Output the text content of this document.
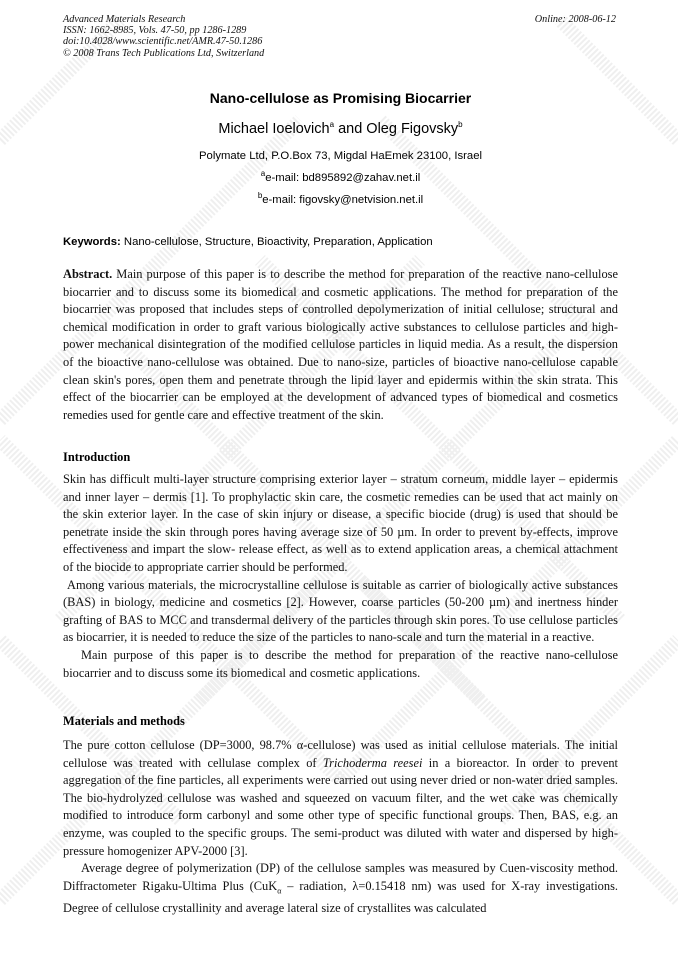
Advanced Materials Research
ISSN: 1662-8985, Vols. 47-50, pp 1286-1289
doi:10.4028/www.scientific.net/AMR.47-50.1286
© 2008 Trans Tech Publications Ltd, Switzerland
Online: 2008-06-12
Nano-cellulose as Promising Biocarrier
Michael Ioelovich$^a$ and Oleg Figovsky$^b$
Polymate Ltd, P.O.Box 73, Migdal HaEmek 23100, Israel
$^a$e-mail: bd895892@zahav.net.il
$^b$e-mail: figovsky@netvision.net.il
Keywords: Nano-cellulose, Structure, Bioactivity, Preparation, Application

Abstract. Main purpose of this paper is to describe the method for preparation of the reactive nano-cellulose biocarrier and to discuss some its biomedical and cosmetic applications. The method for preparation of the biocarrier was proposed that includes steps of controlled depolymerization of initial cellulose; structural and chemical modification in order to graft various biologically active substances to cellulose particles and high-power mechanical disintegration of the modified cellulose particles in liquid media. As a result, the dispersion of the bioactive nano-cellulose was obtained. Due to nano-size, particles of bioactive nano-cellulose capable clean skin's pores, open them and penetrate through the lipid layer and epidermis within the skin strata. This effect of the biocarrier can be employed at the development of advanced types of biomedical and cosmetics remedies used for gentle care and effective treatment of the skin.

Introduction

Skin has difficult multi-layer structure comprising exterior layer – stratum corneum, middle layer – epidermis and inner layer – dermis [1]. To prophylactic skin care, the cosmetic remedies can be used that act mainly on the skin exterior layer. In the case of skin injury or disease, a specific biocide (drug) is used that should be penetrate inside the skin through pores having average size of 50 µm. In order to prevent by-effects, improve effectiveness and impart the slow- release effect, as well as to extend application areas, a chemical attachment of the biocide to appropriate carrier should be performed.

Among various materials, the microcrystalline cellulose is suitable as carrier of biologically active substances (BAS) in biology, medicine and cosmetics [2]. However, coarse particles (50-200 µm) and inertness hinder grafting of BAS to MCC and transdermal delivery of the particles through skin pores. To use cellulose particles as biocarrier, it is needed to reduce the size of the particles to nano-scale and turn the material in a reactive.

Main purpose of this paper is to describe the method for preparation of the reactive nano-cellulose biocarrier and to discuss some its biomedical and cosmetic applications.

Materials and methods

The pure cotton cellulose (DP=3000, 98.7% α-cellulose) was used as initial cellulose materials. The initial cellulose was treated with cellulase complex of Trichoderma reesei in a bioreactor. In order to prevent aggregation of the fine particles, all experiments were carried out using never dried or non-water dried samples. The bio-hydrolyzed cellulose was washed and squeezed on vacuum filter, and the wet cake was chemically modified to introduce form carbonyl and some other type of specific functional groups. Then, BAS, e.g. an enzyme, was coupled to the specific groups. The semi-product was diluted with water and dispersed by high-pressure homogenizer APV-2000 [3].

Average degree of polymerization (DP) of the cellulose samples was measured by Cuen-viscosity method. Diffractometer Rigaku-Ultima Plus (CuK$_\alpha$ – radiation, λ=0.15418 nm) was used for X-ray investigations. Degree of cellulose crystallinity and average lateral size of crystallites was calculated
